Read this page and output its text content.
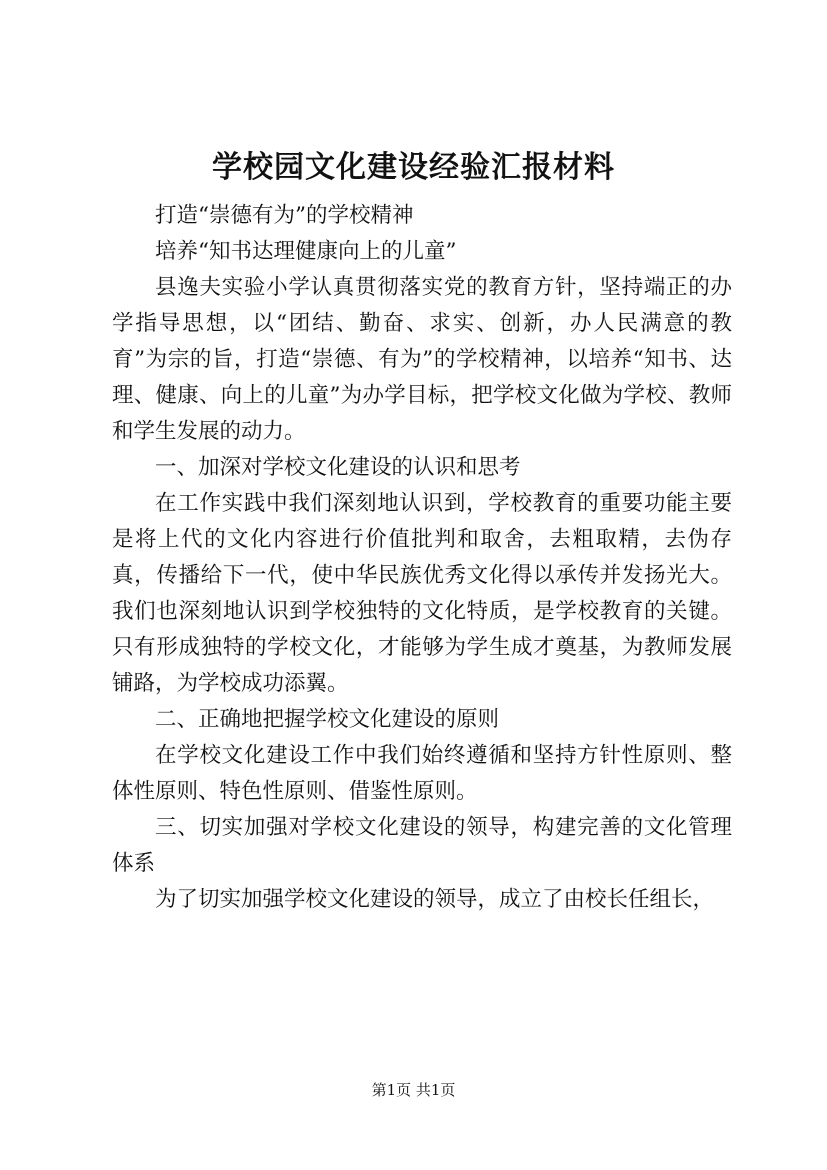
学校园文化建设经验汇报材料

打造“崇德有为”的学校精神

培养“知书达理健康向上的儿童”

县逸夫实验小学认真贯彻落实党的教育方针，坚持端正的办学指导思想，以“团结、勤奋、求实、创新，办人民满意的教育”为宗的旨，打造“崇德、有为”的学校精神，以培养“知书、达理、健康、向上的儿童”为办学目标，把学校文化做为学校、教师和学生发展的动力。

一、加深对学校文化建设的认识和思考

在工作实践中我们深刻地认识到，学校教育的重要功能主要是将上代的文化内容进行价值批判和取舍，去粗取精，去伪存真，传播给下一代，使中华民族优秀文化得以承传并发扬光大。我们也深刻地认识到学校独特的文化特质，是学校教育的关键。只有形成独特的学校文化，才能够为学生成才奠基，为教师发展铺路，为学校成功添翼。

二、正确地把握学校文化建设的原则

在学校文化建设工作中我们始终遵循和坚持方针性原则、整体性原则、特色性原则、借鉴性原则。

三、切实加强对学校文化建设的领导，构建完善的文化管理体系

为了切实加强学校文化建设的领导，成立了由校长任组长，

第1页 共1页
